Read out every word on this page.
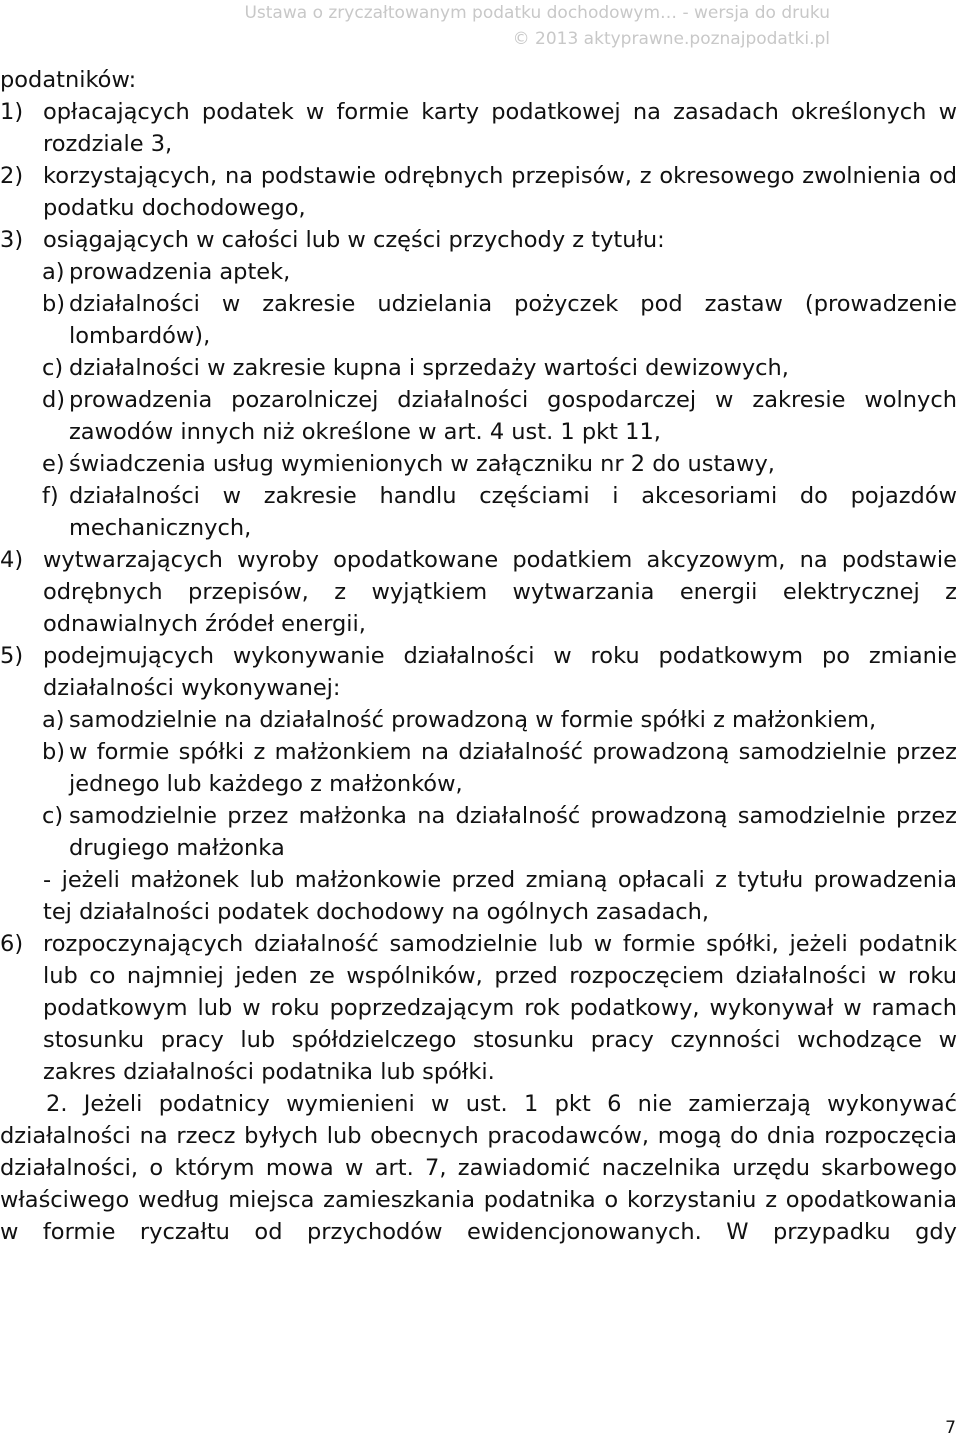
Ustawa o zryczałtowanym podatku dochodowym… - wersja do druku
© 2013 aktyprawne.poznajpodatki.pl
podatników:
1) opłacających podatek w formie karty podatkowej na zasadach określonych w rozdziale 3,
2) korzystających, na podstawie odrębnych przepisów, z okresowego zwolnienia od podatku dochodowego,
3) osiągających w całości lub w części przychody z tytułu:
a) prowadzenia aptek,
b) działalności w zakresie udzielania pożyczek pod zastaw (prowadzenie lombardów),
c) działalności w zakresie kupna i sprzedaży wartości dewizowych,
d) prowadzenia pozarolniczej działalności gospodarczej w zakresie wolnych zawodów innych niż określone w art. 4 ust. 1 pkt 11,
e) świadczenia usług wymienionych w załączniku nr 2 do ustawy,
f) działalności w zakresie handlu częściami i akcesoriami do pojazdów mechanicznych,
4) wytwarzających wyroby opodatkowane podatkiem akcyzowym, na podstawie odrębnych przepisów, z wyjątkiem wytwarzania energii elektrycznej z odnawialnych źródeł energii,
5) podejmujących wykonywanie działalności w roku podatkowym po zmianie działalności wykonywanej:
a) samodzielnie na działalność prowadzoną w formie spółki z małżonkiem,
b) w formie spółki z małżonkiem na działalność prowadzoną samodzielnie przez jednego lub każdego z małżonków,
c) samodzielnie przez małżonka na działalność prowadzoną samodzielnie przez drugiego małżonka
- jeżeli małżonek lub małżonkowie przed zmianą opłacali z tytułu prowadzenia tej działalności podatek dochodowy na ogólnych zasadach,
6) rozpoczynających działalność samodzielnie lub w formie spółki, jeżeli podatnik lub co najmniej jeden ze wspólników, przed rozpoczęciem działalności w roku podatkowym lub w roku poprzedzającym rok podatkowy, wykonywał w ramach stosunku pracy lub spółdzielczego stosunku pracy czynności wchodzące w zakres działalności podatnika lub spółki.
2. Jeżeli podatnicy wymienieni w ust. 1 pkt 6 nie zamierzają wykonywać działalności na rzecz byłych lub obecnych pracodawców, mogą do dnia rozpoczęcia działalności, o którym mowa w art. 7, zawiadomić naczelnika urzędu skarbowego właściwego według miejsca zamieszkania podatnika o korzystaniu z opodatkowania w formie ryczałtu od przychodów ewidencjonowanych. W przypadku gdy
7
